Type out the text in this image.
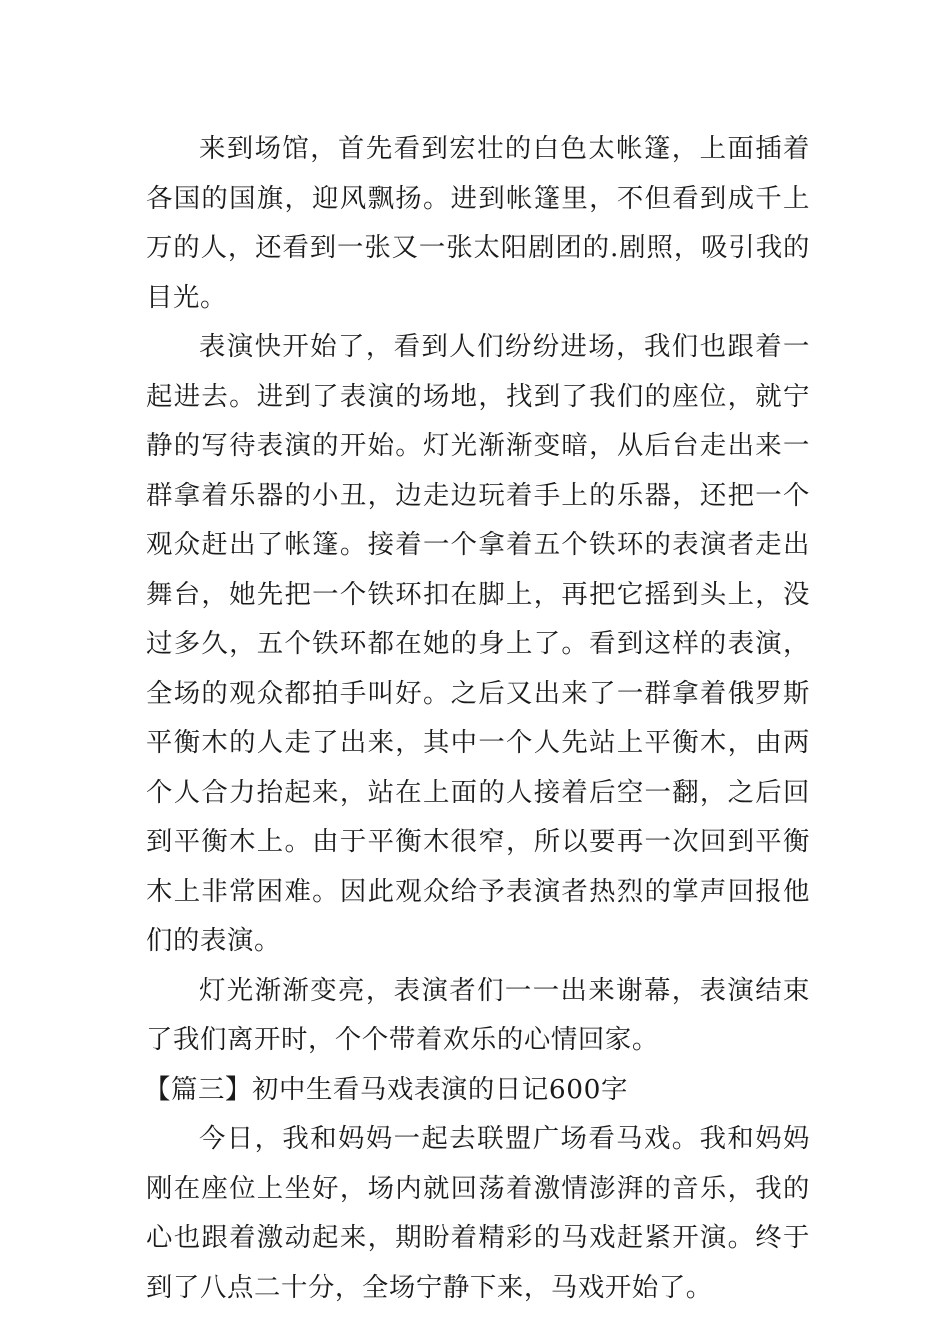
来到场馆，首先看到宏壮的白色太帐篷，上面插着各国的国旗，迎风飘扬。进到帐篷里，不但看到成千上万的人，还看到一张又一张太阳剧团的.剧照，吸引我的目光。

表演快开始了，看到人们纷纷进场，我们也跟着一起进去。进到了表演的场地，找到了我们的座位，就宁静的写待表演的开始。灯光渐渐变暗，从后台走出来一群拿着乐器的小丑，边走边玩着手上的乐器，还把一个观众赶出了帐篷。接着一个拿着五个铁环的表演者走出舞台，她先把一个铁环扣在脚上，再把它摇到头上，没过多久，五个铁环都在她的身上了。看到这样的表演，全场的观众都拍手叫好。之后又出来了一群拿着俄罗斯平衡木的人走了出来，其中一个人先站上平衡木，由两个人合力抬起来，站在上面的人接着后空一翻，之后回到平衡木上。由于平衡木很窄，所以要再一次回到平衡木上非常困难。因此观众给予表演者热烈的掌声回报他们的表演。

灯光渐渐变亮，表演者们一一出来谢幕，表演结束了我们离开时，个个带着欢乐的心情回家。

【篇三】初中生看马戏表演的日记600字

今日，我和妈妈一起去联盟广场看马戏。我和妈妈刚在座位上坐好，场内就回荡着激情澎湃的音乐，我的心也跟着激动起来，期盼着精彩的马戏赶紧开演。终于到了八点二十分，全场宁静下来，马戏开始了。
